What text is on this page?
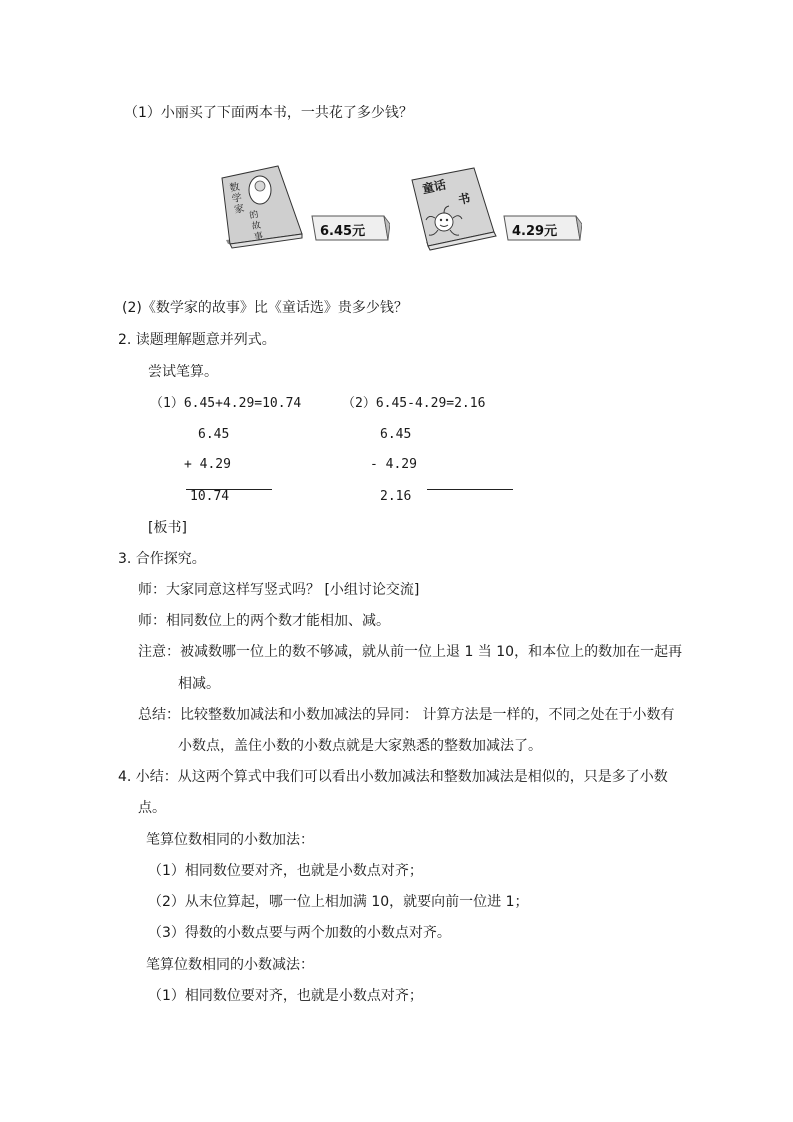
（1）小丽买了下面两本书，一共花了多少钱？
数学家 的故事	6.45元
童话
书
4.29元
(2)《数学家的故事》比《童话选》贵多少钱？
2. 读题理解题意并列式。
尝试笔算。
（1）6.45+4.29=10.74	（2）6.45-4.29=2.16
6.45
+ 4.29
10.74
6.45
- 4.29
2.16
[板书]
3. 合作探究。
师：大家同意这样写竖式吗？ [小组讨论交流]
师：相同数位上的两个数才能相加、减。
注意：被减数哪一位上的数不够减，就从前一位上退 1 当 10，和本位上的数加在一起再
相减。
总结：比较整数加减法和小数加减法的异同： 计算方法是一样的，不同之处在于小数有
小数点，盖住小数的小数点就是大家熟悉的整数加减法了。
4. 小结：从这两个算式中我们可以看出小数加减法和整数加减法是相似的，只是多了小数
点。
笔算位数相同的小数加法：
（1）相同数位要对齐，也就是小数点对齐；
（2）从末位算起，哪一位上相加满 10，就要向前一位进 1；
（3）得数的小数点要与两个加数的小数点对齐。
笔算位数相同的小数减法：
（1）相同数位要对齐，也就是小数点对齐；
